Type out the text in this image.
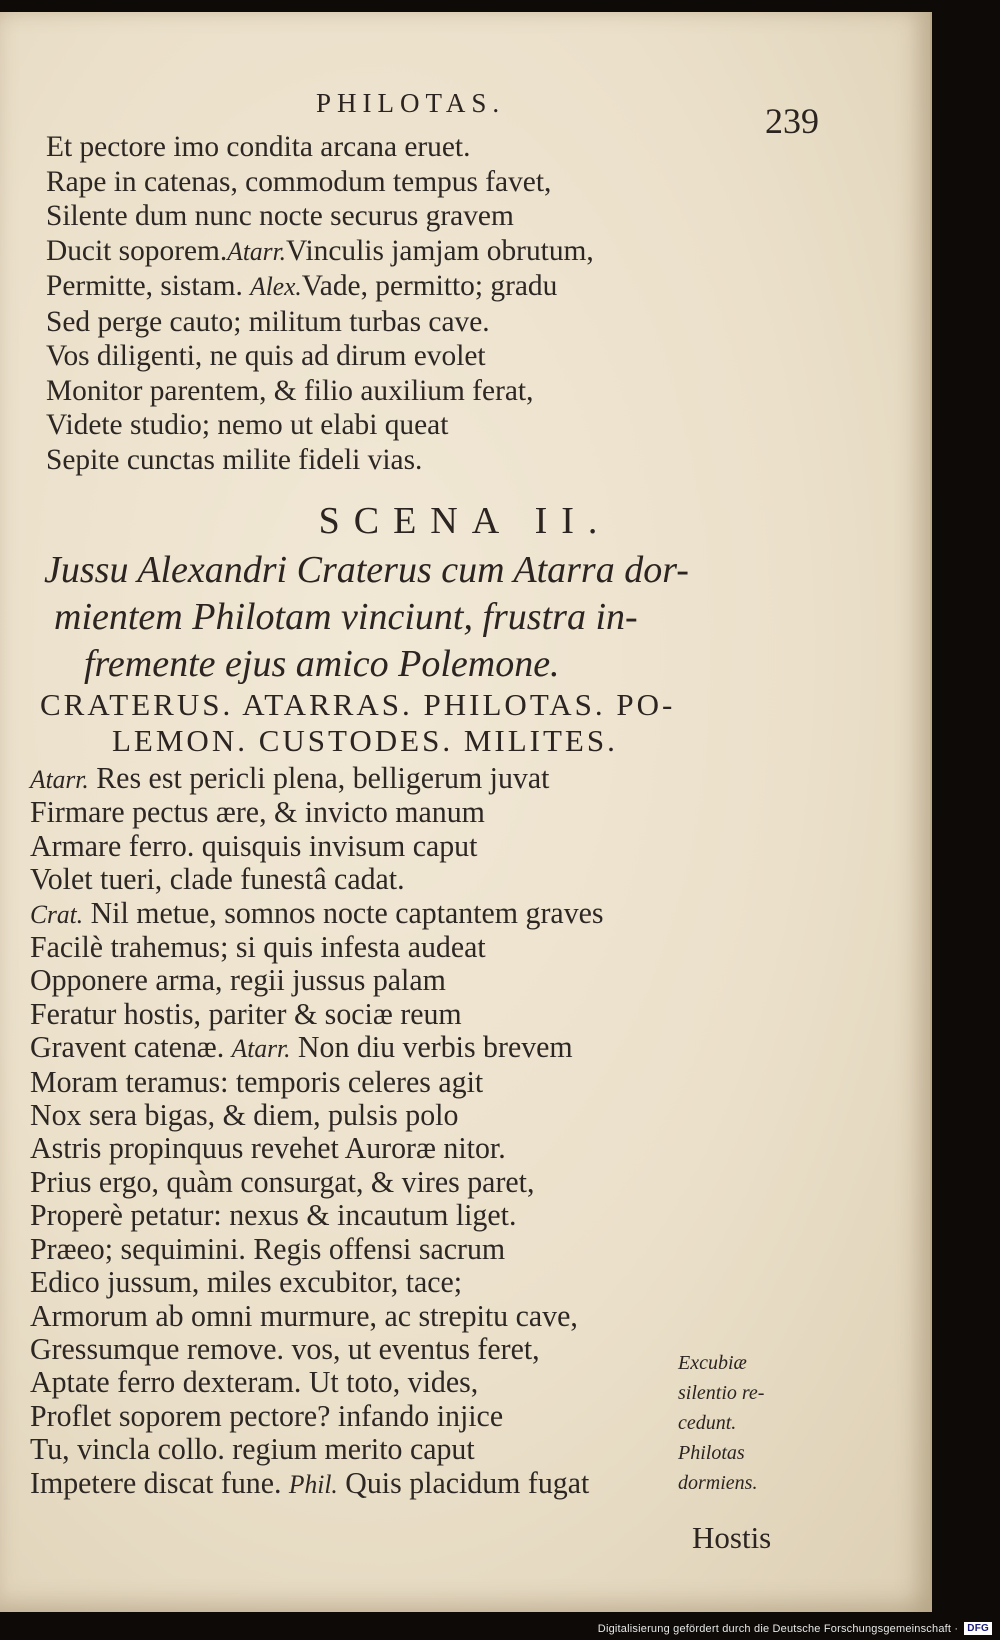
PHILOTAS.	239
Et pectore imo condita arcana eruet.
Rape in catenas, commodum tempus favet,
Silente dum nunc nocte securus gravem
Ducit soporem.Atarr.Vinculis jamjam obrutum,
Permitte, sistam. Alex.Vade, permitto; gradu
Sed perge cauto; militum turbas cave.
Vos diligenti, ne quis ad dirum evolet
Monitor parentem, & filio auxilium ferat,
Videte studio; nemo ut elabi queat
Sepite cunctas milite fideli vias.
SCENA II.
Jussu Alexandri Craterus cum Atarra dor-
mientem Philotam vinciunt, frustra in-
fremente ejus amico Polemone.
CRATERUS. ATARRAS. PHILOTAS. PO-
LEMON. CUSTODES. MILITES.
Atarr. Res est pericli plena, belligerum juvat
Firmare pectus ære, & invicto manum
Armare ferro. quisquis invisum caput
Volet tueri, clade funestâ cadat.
Crat. Nil metue, somnos nocte captantem graves
Facilè trahemus; si quis infesta audeat
Opponere arma, regii jussus palam
Feratur hostis, pariter & sociæ reum
Gravent catenæ. Atarr. Non diu verbis brevem
Moram teramus: temporis celeres agit
Nox sera bigas, & diem, pulsis polo
Astris propinquus revehet Auroræ nitor.
Prius ergo, quàm consurgat, & vires paret,
Properè petatur: nexus & incautum liget.
Præeo; sequimini. Regis offensi sacrum
Edico jussum, miles excubitor, tace;
Armorum ab omni murmure, ac strepitu cave,
Gressumque remove. vos, ut eventus feret,
Aptate ferro dexteram. Ut toto, vides,
Proflet soporem pectore? infando injice
Tu, vincla collo. regium merito caput
Impetere discat fune. Phil. Quis placidum fugat
Excubiæ
silentio re-
cedunt.
Philotas
dormiens.
Hostis
Digitalisierung gefördert durch die Deutsche Forschungsgemeinschaft · DFG
